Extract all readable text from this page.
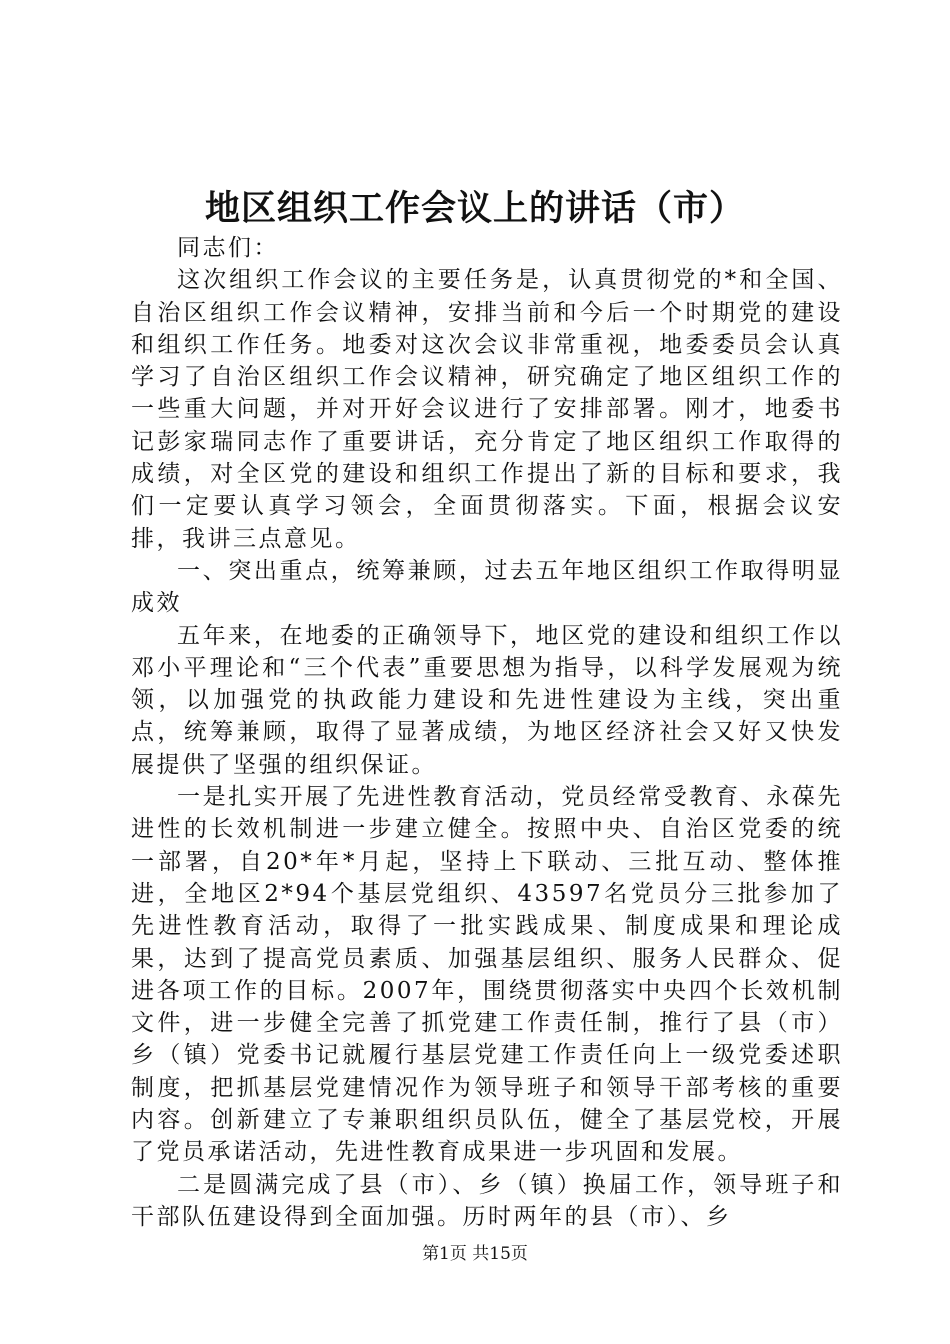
地区组织工作会议上的讲话（市）

同志们：

这次组织工作会议的主要任务是，认真贯彻党的*和全国、自治区组织工作会议精神，安排当前和今后一个时期党的建设和组织工作任务。地委对这次会议非常重视，地委委员会认真学习了自治区组织工作会议精神，研究确定了地区组织工作的一些重大问题，并对开好会议进行了安排部署。刚才，地委书记彭家瑞同志作了重要讲话，充分肯定了地区组织工作取得的成绩，对全区党的建设和组织工作提出了新的目标和要求，我们一定要认真学习领会，全面贯彻落实。下面，根据会议安排，我讲三点意见。

一、突出重点，统筹兼顾，过去五年地区组织工作取得明显成效

五年来，在地委的正确领导下，地区党的建设和组织工作以邓小平理论和“三个代表”重要思想为指导，以科学发展观为统领，以加强党的执政能力建设和先进性建设为主线，突出重点，统筹兼顾，取得了显著成绩，为地区经济社会又好又快发展提供了坚强的组织保证。

一是扎实开展了先进性教育活动，党员经常受教育、永葆先进性的长效机制进一步建立健全。按照中央、自治区党委的统一部署，自20*年*月起，坚持上下联动、三批互动、整体推进，全地区2*94个基层党组织、43597名党员分三批参加了先进性教育活动，取得了一批实践成果、制度成果和理论成果，达到了提高党员素质、加强基层组织、服务人民群众、促进各项工作的目标。2007年，围绕贯彻落实中央四个长效机制文件，进一步健全完善了抓党建工作责任制，推行了县（市）乡（镇）党委书记就履行基层党建工作责任向上一级党委述职制度，把抓基层党建情况作为领导班子和领导干部考核的重要内容。创新建立了专兼职组织员队伍，健全了基层党校，开展了党员承诺活动，先进性教育成果进一步巩固和发展。

二是圆满完成了县（市）、乡（镇）换届工作，领导班子和干部队伍建设得到全面加强。历时两年的县（市）、乡

第1页 共15页
